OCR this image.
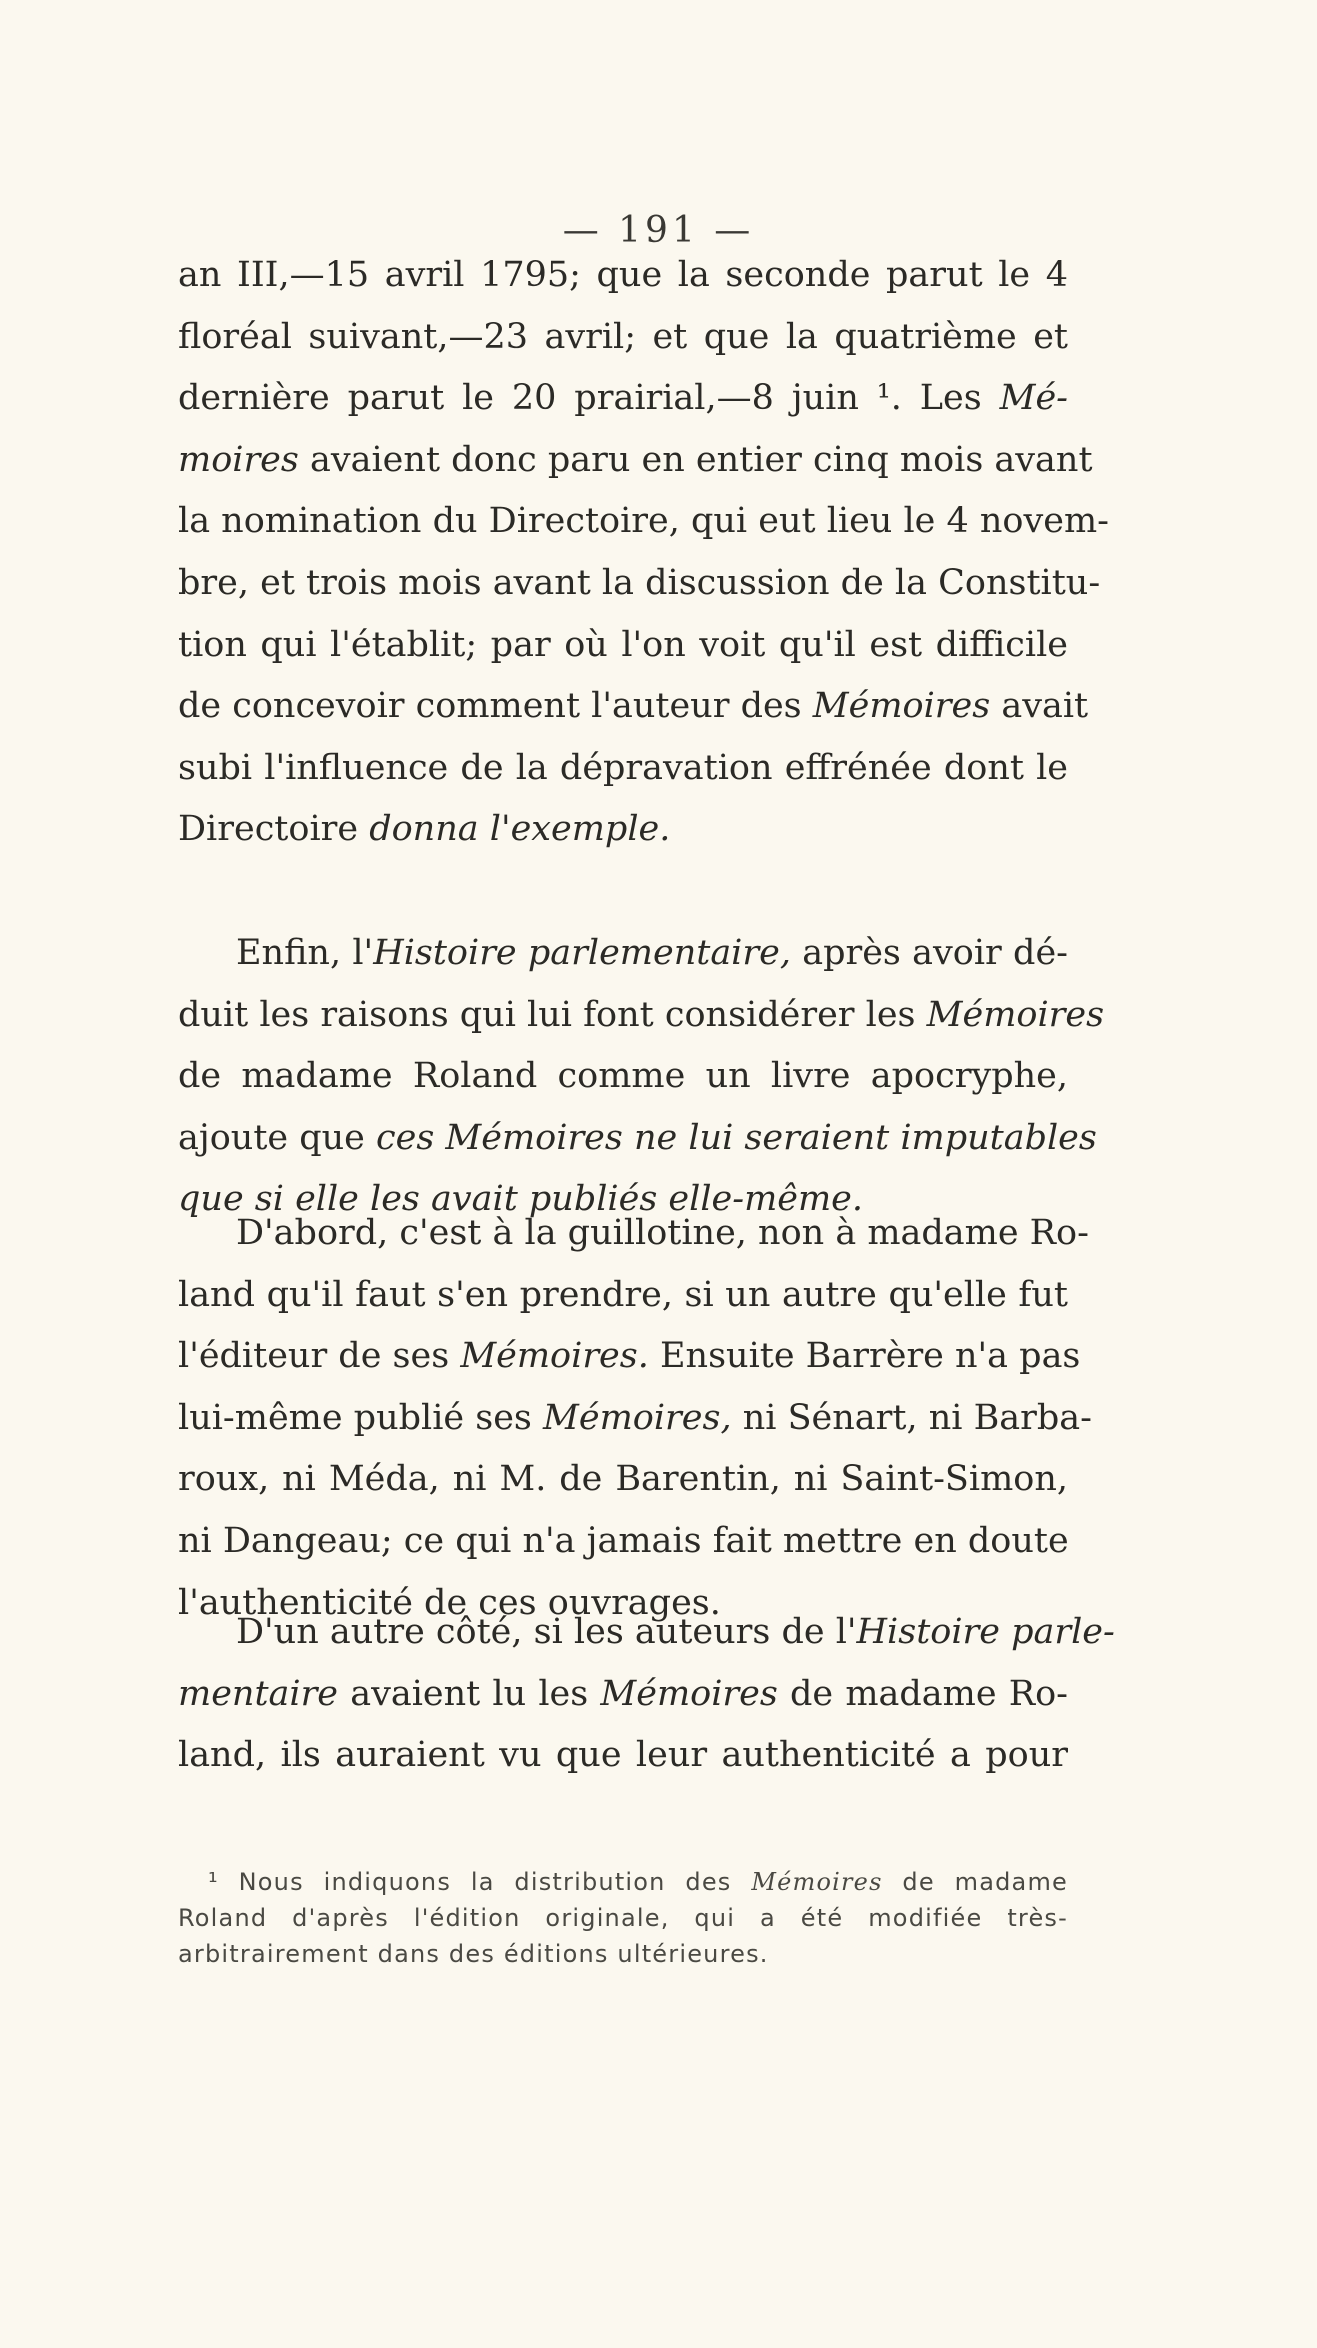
— 191 —
an III,—15 avril 1795; que la seconde parut le 4
floréal suivant,—23 avril; et que la quatrième et
dernière parut le 20 prairial,—8 juin ¹. Les Mé-
moires avaient donc paru en entier cinq mois avant
la nomination du Directoire, qui eut lieu le 4 novem-
bre, et trois mois avant la discussion de la Constitu-
tion qui l'établit; par où l'on voit qu'il est difficile
de concevoir comment l'auteur des Mémoires avait
subi l'influence de la dépravation effrénée dont le
Directoire donna l'exemple.
Enfin, l'Histoire parlementaire, après avoir dé-
duit les raisons qui lui font considérer les Mémoires
de madame Roland comme un livre apocryphe,
ajoute que ces Mémoires ne lui seraient imputables
que si elle les avait publiés elle-même.
D'abord, c'est à la guillotine, non à madame Ro-
land qu'il faut s'en prendre, si un autre qu'elle fut
l'éditeur de ses Mémoires. Ensuite Barrère n'a pas
lui-même publié ses Mémoires, ni Sénart, ni Barba-
roux, ni Méda, ni M. de Barentin, ni Saint-Simon,
ni Dangeau; ce qui n'a jamais fait mettre en doute
l'authenticité de ces ouvrages.
D'un autre côté, si les auteurs de l'Histoire parle-
mentaire avaient lu les Mémoires de madame Ro-
land, ils auraient vu que leur authenticité a pour
¹ Nous indiquons la distribution des Mémoires de madame
Roland d'après l'édition originale, qui a été modifiée très-
arbitrairement dans des éditions ultérieures.
